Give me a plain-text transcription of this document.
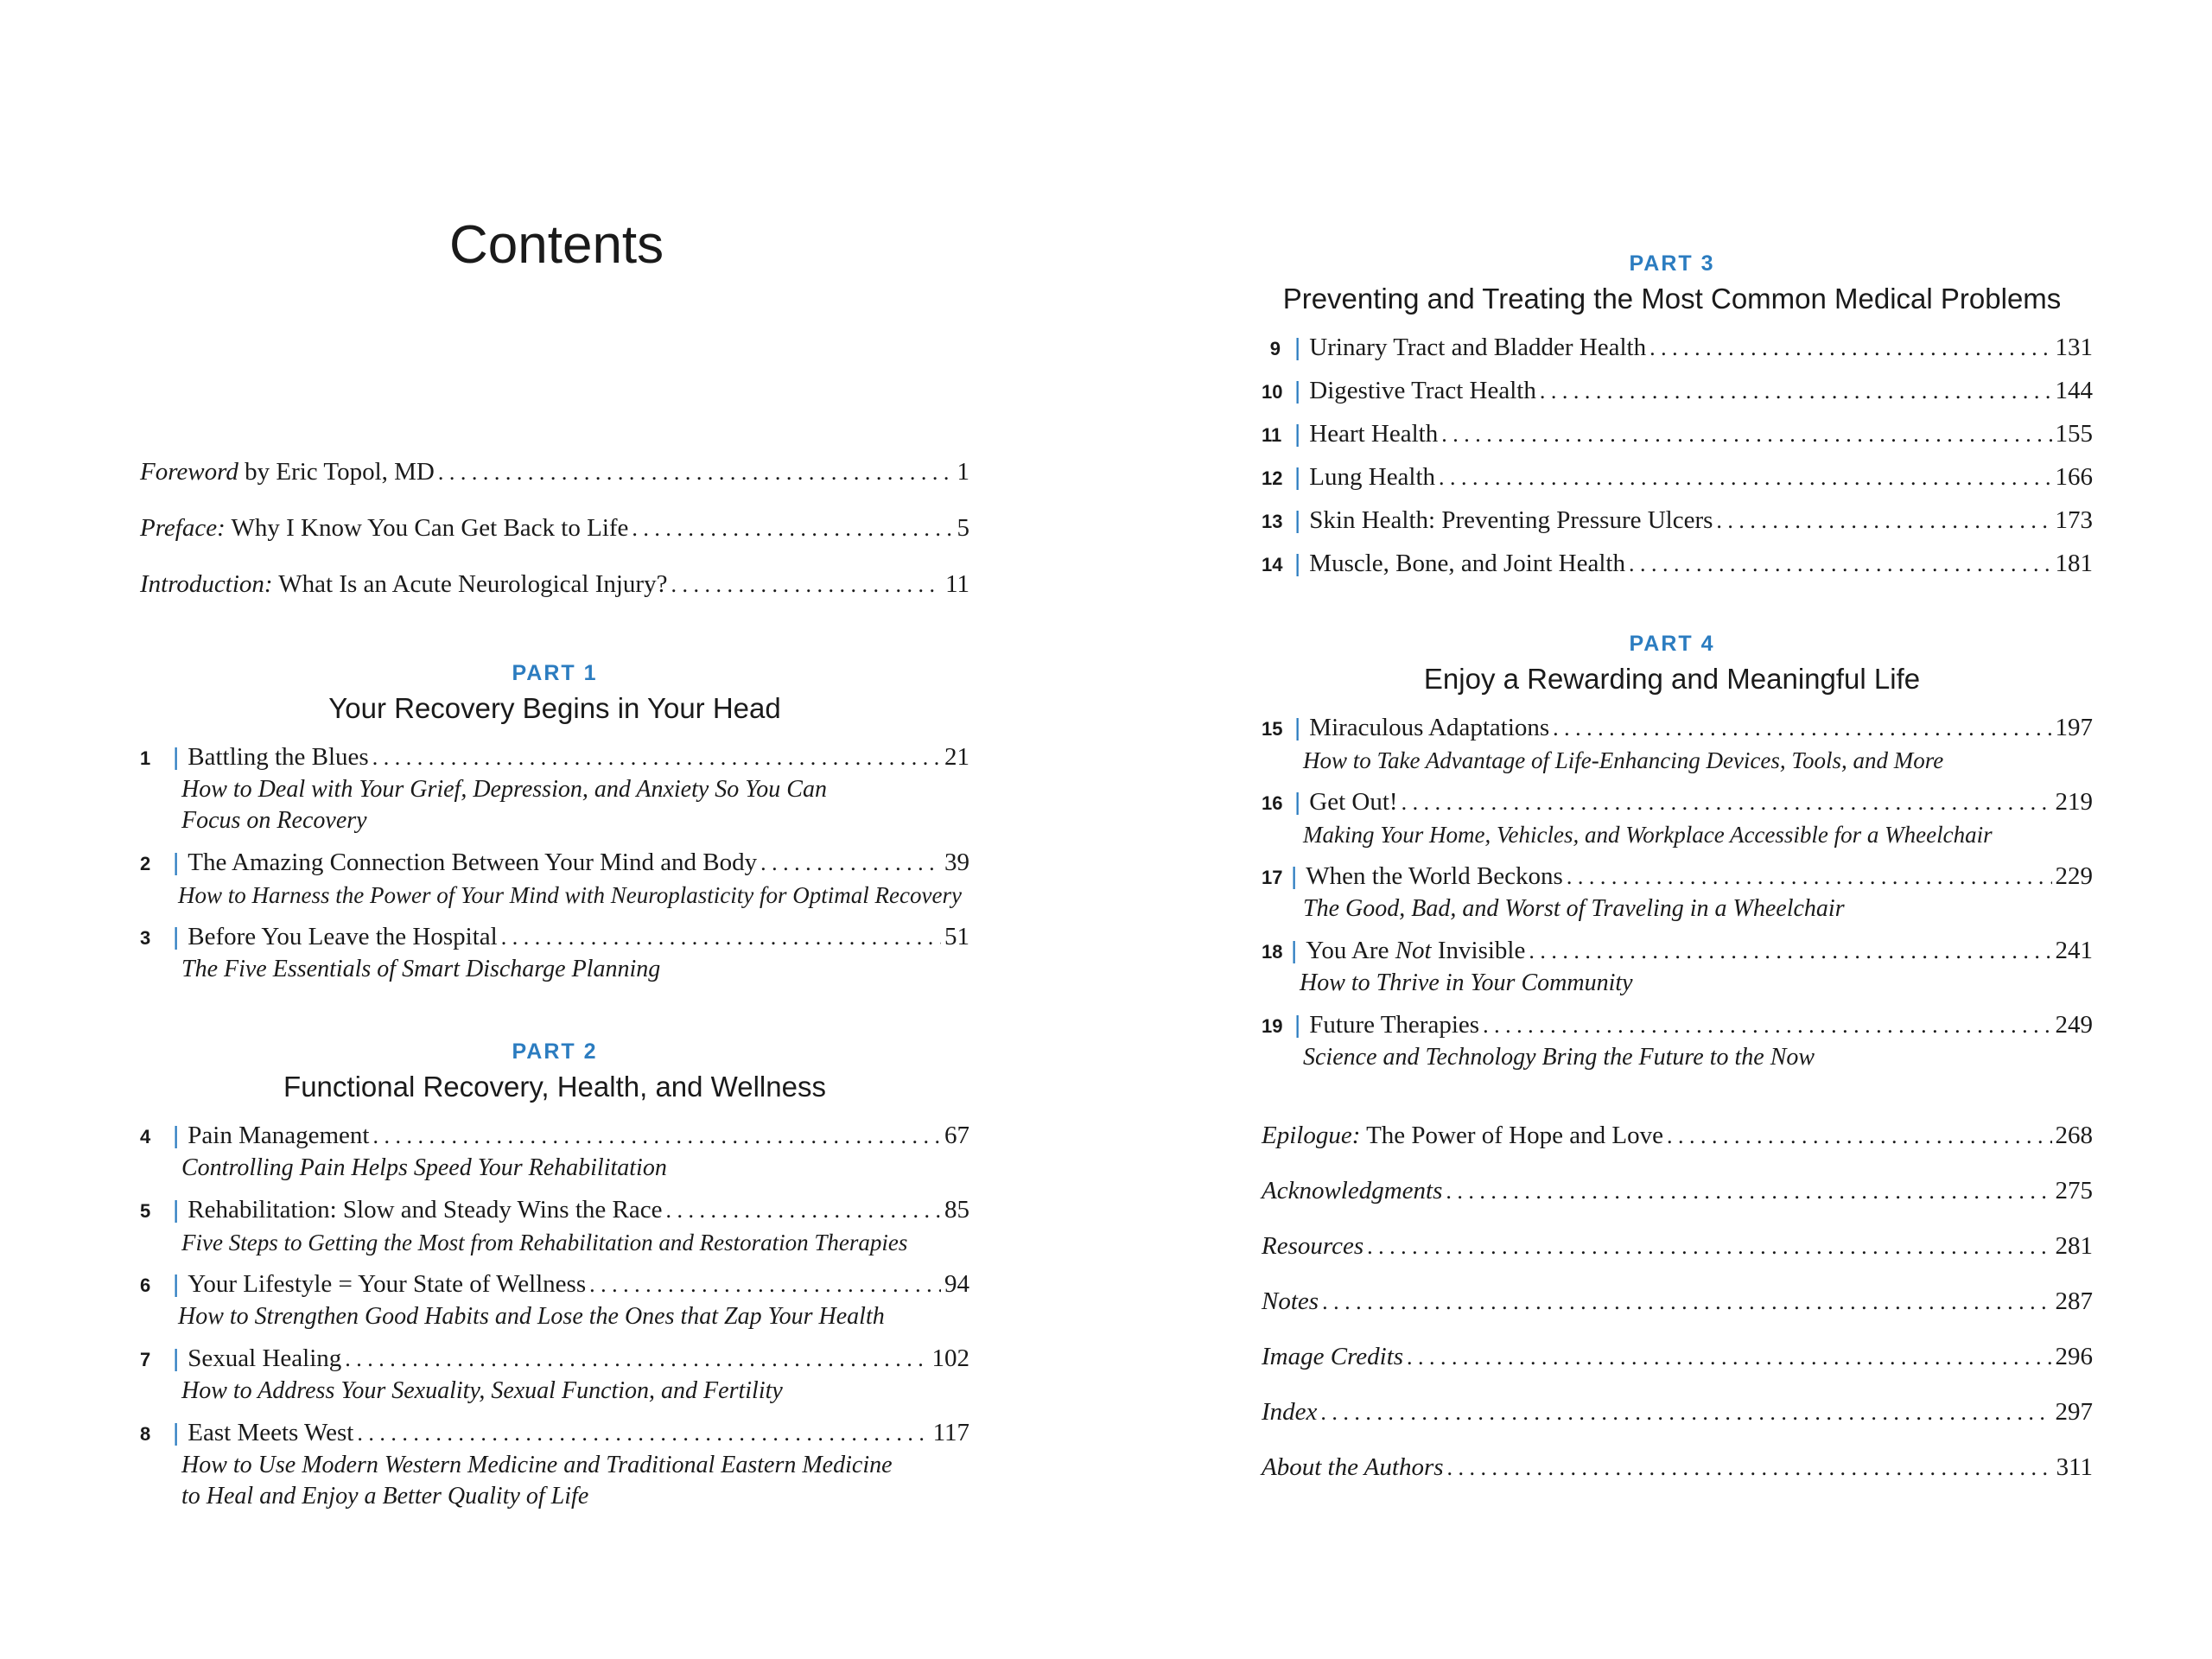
Contents
Foreword by Eric Topol, MD . . .	1
Preface: Why I Know You Can Get Back to Life . . .	5
Introduction: What Is an Acute Neurological Injury? . . .	11
PART 1
Your Recovery Begins in Your Head
1 | Battling the Blues . . .	21
How to Deal with Your Grief, Depression, and Anxiety So You Can
Focus on Recovery
2 | The Amazing Connection Between Your Mind and Body . . .	39
How to Harness the Power of Your Mind with Neuroplasticity for Optimal Recovery
3 | Before You Leave the Hospital . . .	51
The Five Essentials of Smart Discharge Planning
PART 2
Functional Recovery, Health, and Wellness
4 | Pain Management . . .	67
Controlling Pain Helps Speed Your Rehabilitation
5 | Rehabilitation: Slow and Steady Wins the Race . . .	85
Five Steps to Getting the Most from Rehabilitation and Restoration Therapies
6 | Your Lifestyle = Your State of Wellness . . .	94
How to Strengthen Good Habits and Lose the Ones that Zap Your Health
7 | Sexual Healing . . .	102
How to Address Your Sexuality, Sexual Function, and Fertility
8 | East Meets West . . .	117
How to Use Modern Western Medicine and Traditional Eastern Medicine
to Heal and Enjoy a Better Quality of Life
PART 3
Preventing and Treating the Most Common Medical Problems
9 | Urinary Tract and Bladder Health . . .	131
10 | Digestive Tract Health . . .	144
11 | Heart Health . . .	155
12 | Lung Health . . .	166
13 | Skin Health: Preventing Pressure Ulcers . . .	173
14 | Muscle, Bone, and Joint Health . . .	181
PART 4
Enjoy a Rewarding and Meaningful Life
15 | Miraculous Adaptations . . .	197
How to Take Advantage of Life-Enhancing Devices, Tools, and More
16 | Get Out! . . .	219
Making Your Home, Vehicles, and Workplace Accessible for a Wheelchair
17 | When the World Beckons . . .	229
The Good, Bad, and Worst of Traveling in a Wheelchair
18 | You Are Not Invisible . . .	241
How to Thrive in Your Community
19 | Future Therapies . . .	249
Science and Technology Bring the Future to the Now
Epilogue: The Power of Hope and Love . . .	268
Acknowledgments . . .	275
Resources . . .	281
Notes . . .	287
Image Credits . . .	296
Index . . .	297
About the Authors . . .	311
